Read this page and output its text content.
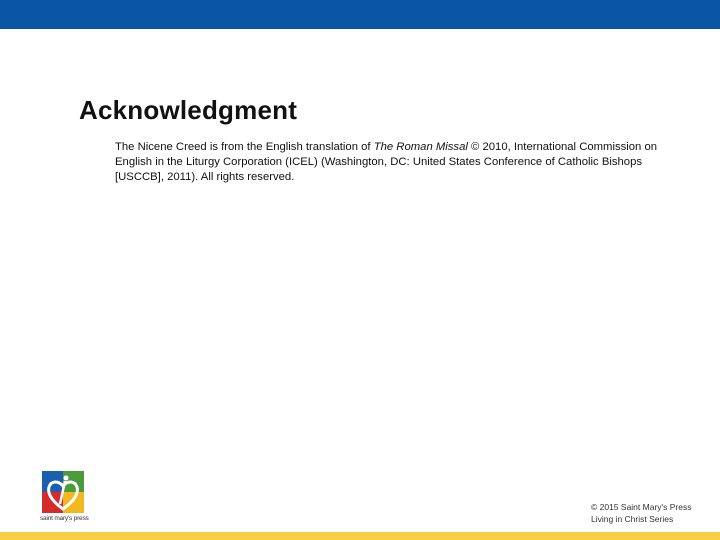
Acknowledgment

The Nicene Creed is from the English translation of The Roman Missal © 2010, International Commission on English in the Liturgy Corporation (ICEL) (Washington, DC: United States Conference of Catholic Bishops [USCCB], 2011). All rights reserved.

saint mary's press
© 2015 Saint Mary's Press
Living in Christ Series
